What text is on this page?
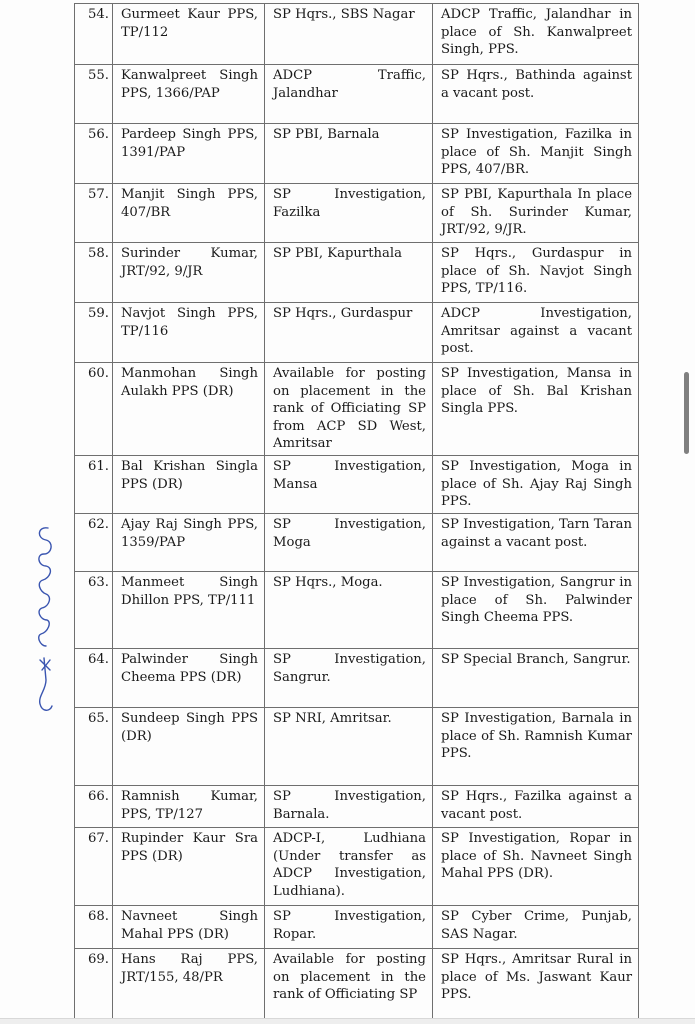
54.	Gurmeet Kaur PPS, TP/112	SP Hqrs., SBS Nagar	ADCP Traffic, Jalandhar in place of Sh. Kanwalpreet Singh, PPS.
55.	Kanwalpreet Singh PPS, 1366/PAP	ADCP Traffic, Jalandhar	SP Hqrs., Bathinda against a vacant post.
56.	Pardeep Singh PPS, 1391/PAP	SP PBI, Barnala	SP Investigation, Fazilka in place of Sh. Manjit Singh PPS, 407/BR.
57.	Manjit Singh PPS, 407/BR	SP Investigation, Fazilka	SP PBI, Kapurthala In place of Sh. Surinder Kumar, JRT/92, 9/JR.
58.	Surinder Kumar, JRT/92, 9/JR	SP PBI, Kapurthala	SP Hqrs., Gurdaspur in place of Sh. Navjot Singh PPS, TP/116.
59.	Navjot Singh PPS, TP/116	SP Hqrs., Gurdaspur	ADCP Investigation, Amritsar against a vacant post.
60.	Manmohan Singh Aulakh PPS (DR)	Available for posting on placement in the rank of Officiating SP from ACP SD West, Amritsar	SP Investigation, Mansa in place of Sh. Bal Krishan Singla PPS.
61.	Bal Krishan Singla PPS (DR)	SP Investigation, Mansa	SP Investigation, Moga in place of Sh. Ajay Raj Singh PPS.
62.	Ajay Raj Singh PPS, 1359/PAP	SP Investigation, Moga	SP Investigation, Tarn Taran against a vacant post.
63.	Manmeet Singh Dhillon PPS, TP/111	SP Hqrs., Moga.	SP Investigation, Sangrur in place of Sh. Palwinder Singh Cheema PPS.
64.	Palwinder Singh Cheema PPS (DR)	SP Investigation, Sangrur.	SP Special Branch, Sangrur.
65.	Sundeep Singh PPS (DR)	SP NRI, Amritsar.	SP Investigation, Barnala in place of Sh. Ramnish Kumar PPS.
66.	Ramnish Kumar, PPS, TP/127	SP Investigation, Barnala.	SP Hqrs., Fazilka against a vacant post.
67.	Rupinder Kaur Sra PPS (DR)	ADCP-I, Ludhiana (Under transfer as ADCP Investigation, Ludhiana).	SP Investigation, Ropar in place of Sh. Navneet Singh Mahal PPS (DR).
68.	Navneet Singh Mahal PPS (DR)	SP Investigation, Ropar.	SP Cyber Crime, Punjab, SAS Nagar.
69.	Hans Raj PPS, JRT/155, 48/PR	Available for posting on placement in the rank of Officiating SP	SP Hqrs., Amritsar Rural in place of Ms. Jaswant Kaur PPS.
